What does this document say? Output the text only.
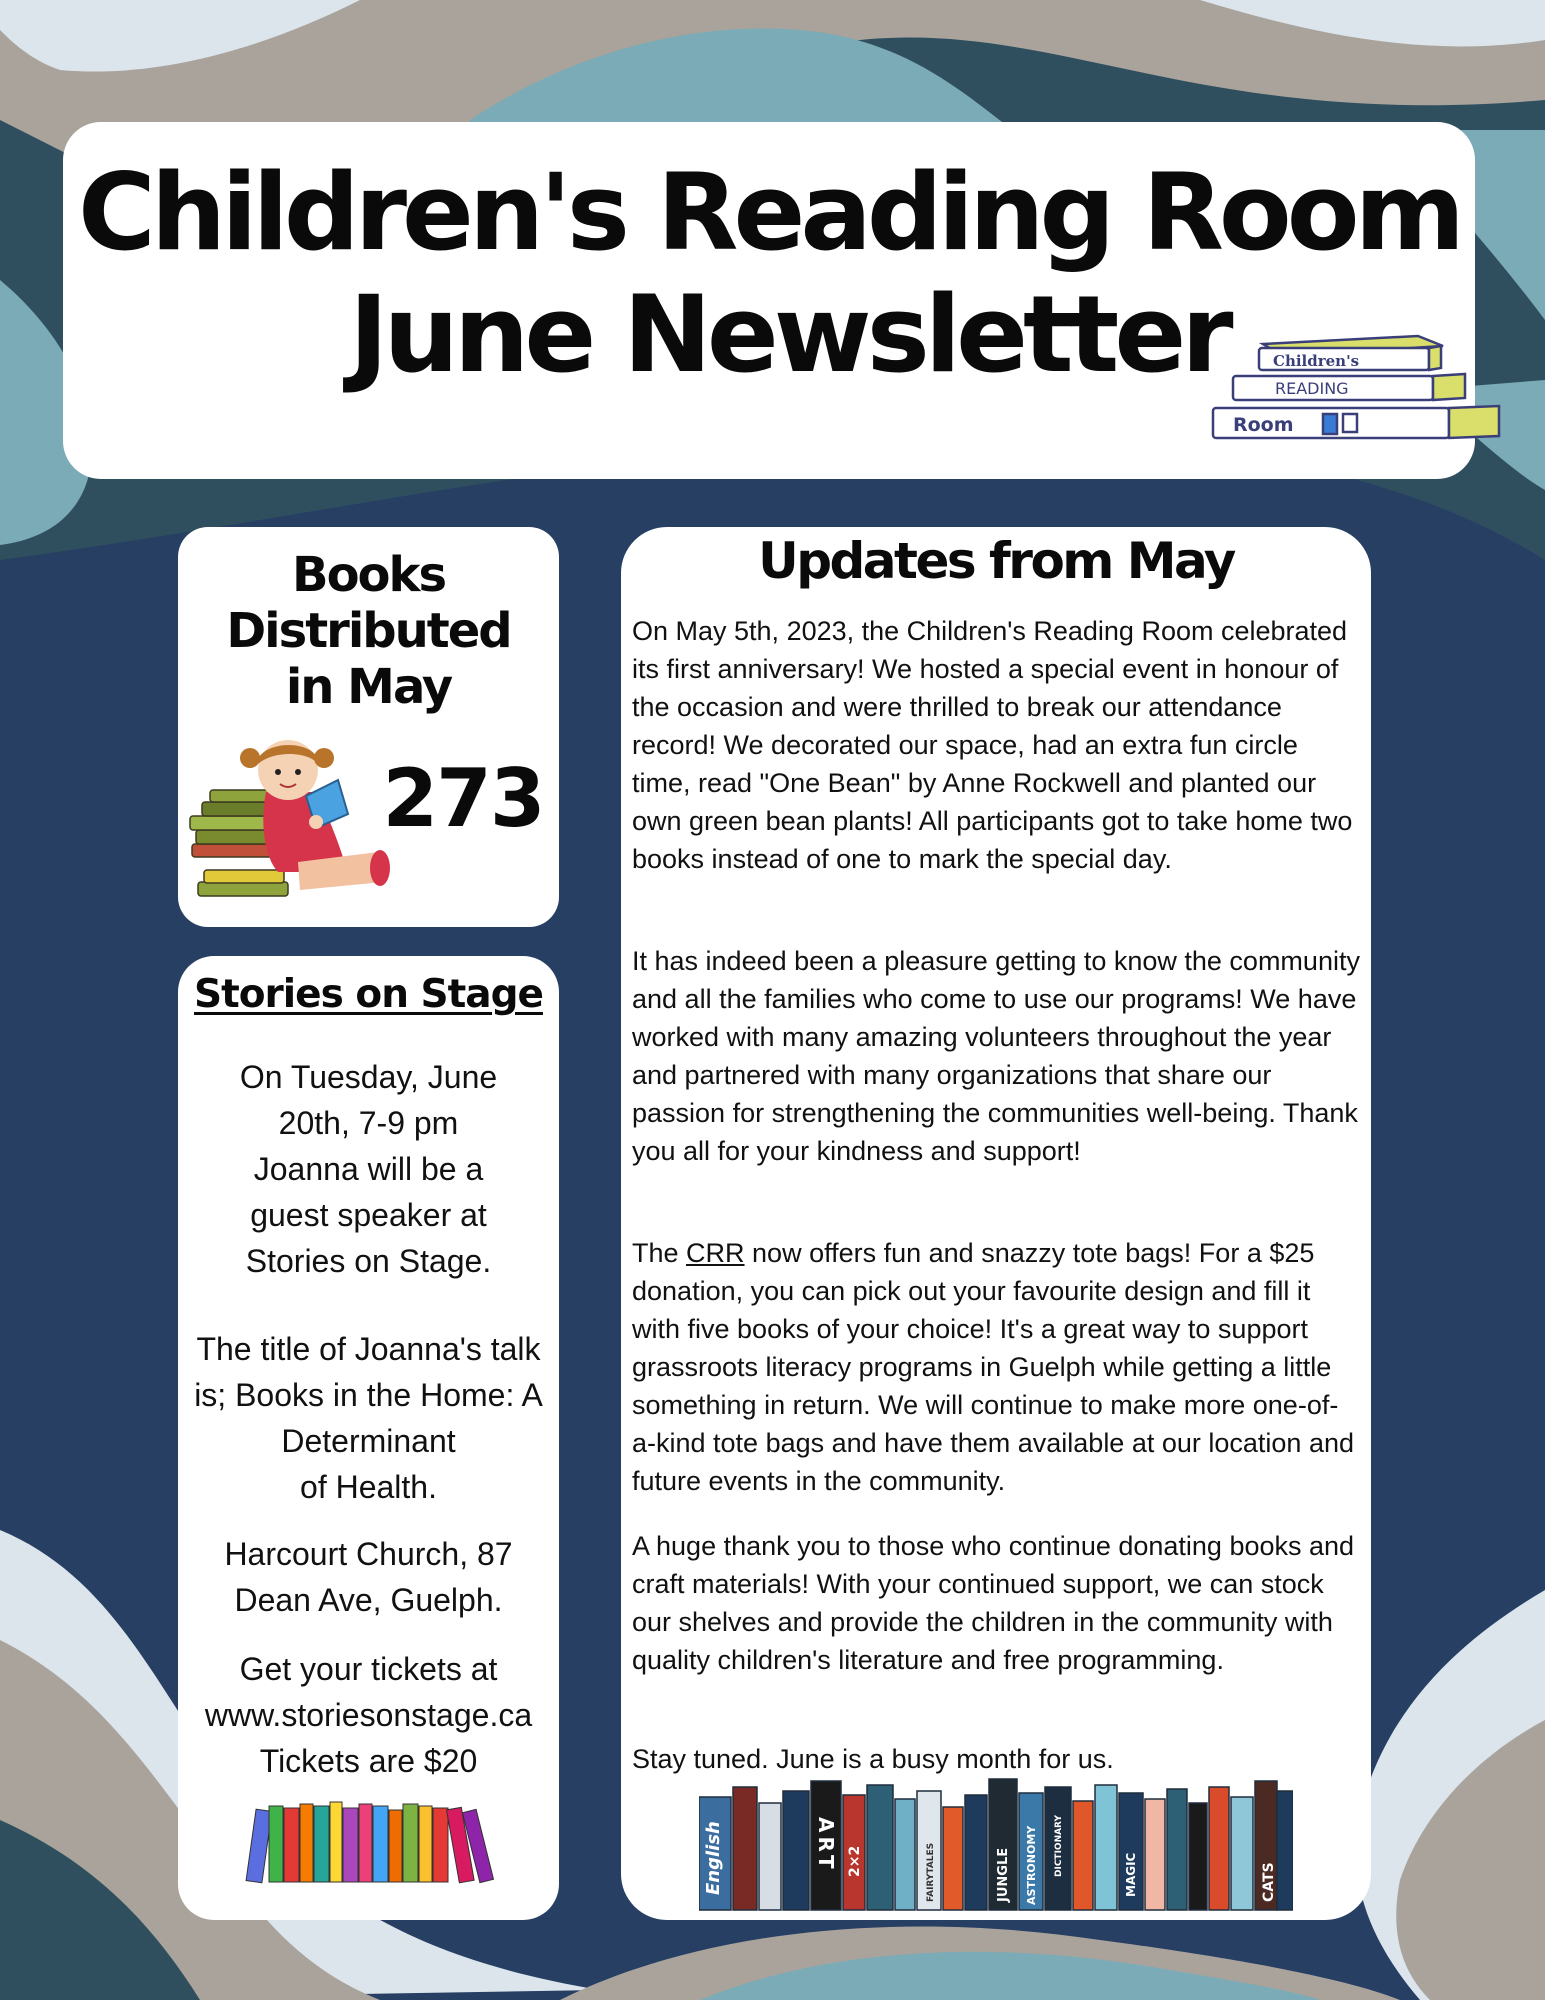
Children's Reading Room
June Newsletter	Children's
READING
Room
Books
Distributed
in May
273
Stories on Stage
On Tuesday, June
20th, 7-9 pm
Joanna will be a
guest speaker at
Stories on Stage.
The title of Joanna's talk
is; Books in the Home: A
Determinant
of Health.
Harcourt Church, 87
Dean Ave, Guelph.
Get your tickets at
www.storiesonstage.ca
Tickets are $20
Updates from May

On May 5th, 2023, the Children's Reading Room celebrated its first anniversary! We hosted a special event in honour of the occasion and were thrilled to break our attendance record! We decorated our space, had an extra fun circle time, read "One Bean" by Anne Rockwell and planted our own green bean plants! All participants got to take home two books instead of one to mark the special day.

It has indeed been a pleasure getting to know the community and all the families who come to use our programs! We have worked with many amazing volunteers throughout the year and partnered with many organizations that share our passion for strengthening the communities well-being. Thank you all for your kindness and support!

The CRR now offers fun and snazzy tote bags! For a $25 donation, you can pick out your favourite design and fill it with five books of your choice! It's a great way to support grassroots literacy programs in Guelph while getting a little something in return. We will continue to make more one-of-a-kind tote bags and have them available at our location and future events in the community.

A huge thank you to those who continue donating books and craft materials! With your continued support, we can stock our shelves and provide the children in the community with quality children's literature and free programming.

Stay tuned. June is a busy month for us.

English	ART 2×2	FAIRYTALES	JUNGLE ASTRONOMY DICTIONARY	MAGIC	CATS
